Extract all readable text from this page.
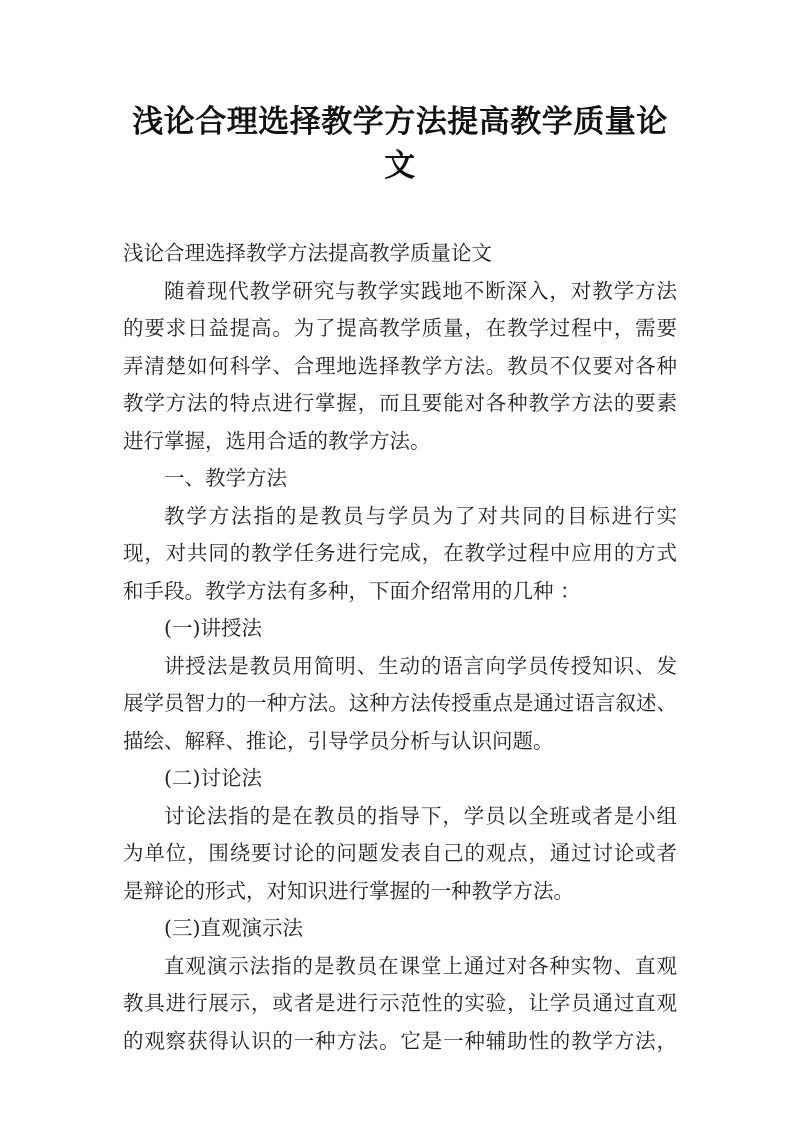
浅论合理选择教学方法提高教学质量论文

浅论合理选择教学方法提高教学质量论文

随着现代教学研究与教学实践地不断深入，对教学方法

的要求日益提高。为了提高教学质量，在教学过程中，需要

弄清楚如何科学、合理地选择教学方法。教员不仅要对各种

教学方法的特点进行掌握，而且要能对各种教学方法的要素

进行掌握，选用合适的教学方法。

一、教学方法

教学方法指的是教员与学员为了对共同的目标进行实

现，对共同的教学任务进行完成，在教学过程中应用的方式

和手段。教学方法有多种，下面介绍常用的几种 ：

(一)讲授法

讲授法是教员用简明、生动的语言向学员传授知识、发

展学员智力的一种方法。这种方法传授重点是通过语言叙述、

描绘、解释、推论，引导学员分析与认识问题。

(二)讨论法

讨论法指的是在教员的指导下，学员以全班或者是小组

为单位，围绕要讨论的问题发表自己的观点，通过讨论或者

是辩论的形式，对知识进行掌握的一种教学方法。

(三)直观演示法

直观演示法指的是教员在课堂上通过对各种实物、直观

教具进行展示，或者是进行示范性的实验，让学员通过直观

的观察获得认识的一种方法。它是一种辅助性的教学方法，
